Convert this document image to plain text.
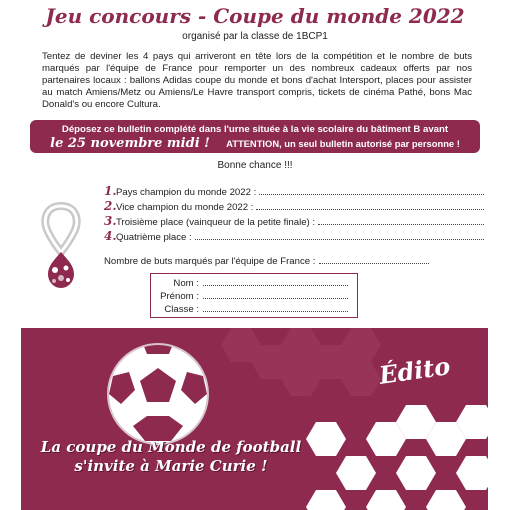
Jeu concours - Coupe du monde 2022
organisé par la classe de 1BCP1
Tentez de deviner les 4 pays qui arriveront en tête lors de la compétition et le nombre de buts marqués par l'équipe de France pour remporter un des nombreux cadeaux offerts par nos partenaires locaux : ballons Adidas coupe du monde et bons d'achat Intersport, places pour assister au match Amiens/Metz ou Amiens/Le Havre transport compris, tickets de cinéma Pathé, bons Mac Donald's ou encore Cultura.
Déposez ce bulletin complété dans l'urne située à la vie scolaire du bâtiment B avant
le 25 novembre midi ! ATTENTION, un seul bulletin autorisé par personne !
Bonne chance !!!
1. Pays champion du monde 2022 :
2. Vice champion du monde 2022 :
3. Troisième place (vainqueur de la petite finale) :
4. Quatrième place :
Nombre de buts marqués par l'équipe de France :
Nom :
Prénom :
Classe :
Édito
La coupe du Monde de football
s'invite à Marie Curie !
